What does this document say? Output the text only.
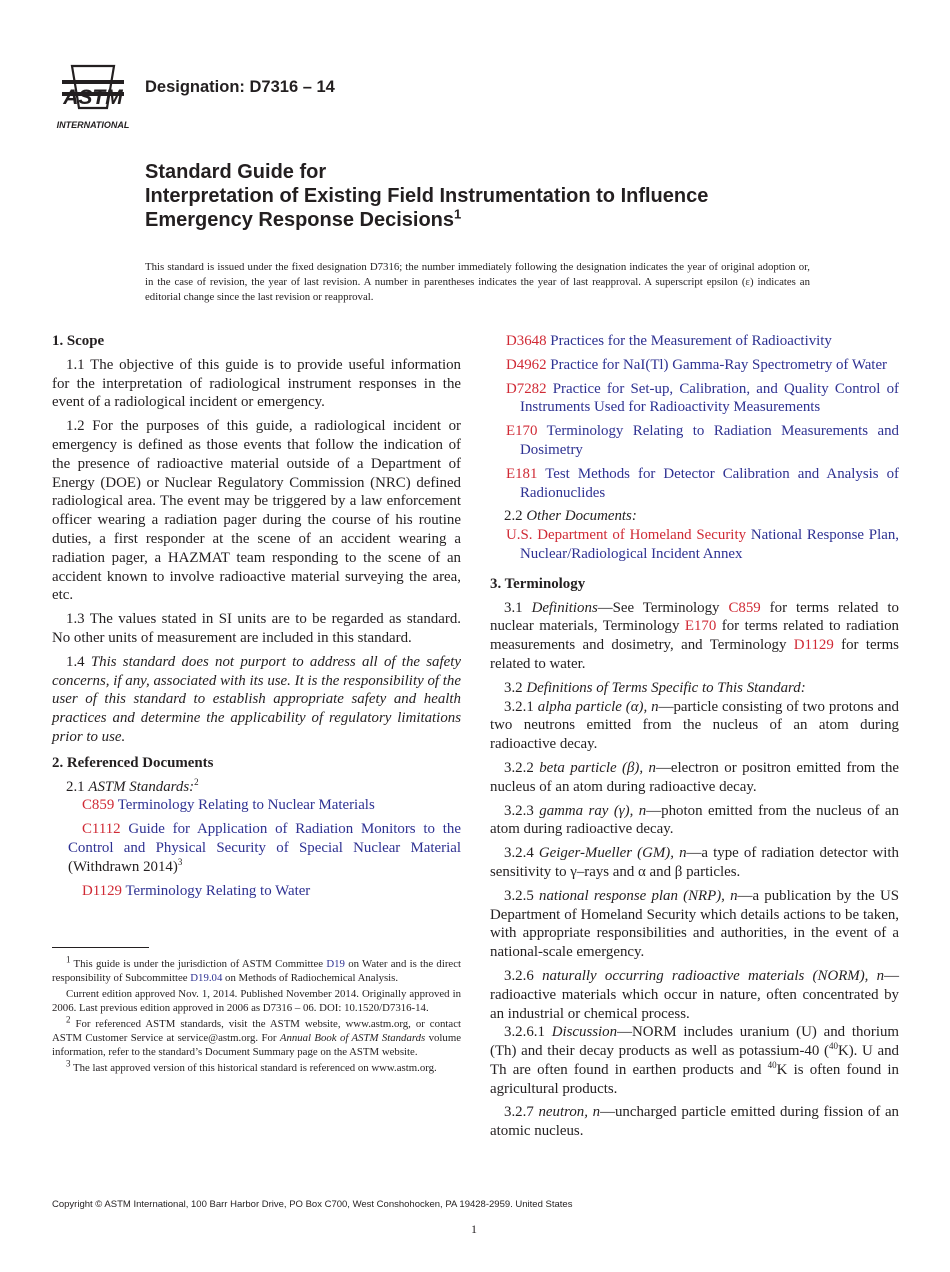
ASTM
INTERNATIONAL
Designation: D7316 – 14
Standard Guide for
Interpretation of Existing Field Instrumentation to Influence
Emergency Response Decisions$^1$
This standard is issued under the fixed designation D7316; the number immediately following the designation indicates the year of original adoption or, in the case of revision, the year of last revision. A number in parentheses indicates the year of last reapproval. A superscript epsilon (ε) indicates an editorial change since the last revision or reapproval.
1. Scope

1.1 The objective of this guide is to provide useful information for the interpretation of radiological instrument responses in the event of a radiological incident or emergency.

1.2 For the purposes of this guide, a radiological incident or emergency is defined as those events that follow the indication of the presence of radioactive material outside of a Department of Energy (DOE) or Nuclear Regulatory Commission (NRC) defined radiological area. The event may be triggered by a law enforcement officer wearing a radiation pager during the course of his routine duties, a first responder at the scene of an accident wearing a radiation pager, a HAZMAT team responding to the scene of an accident known to involve radioactive material surveying the area, etc.

1.3 The values stated in SI units are to be regarded as standard. No other units of measurement are included in this standard.

1.4 This standard does not purport to address all of the safety concerns, if any, associated with its use. It is the responsibility of the user of this standard to establish appropriate safety and health practices and determine the applicability of regulatory limitations prior to use.

2. Referenced Documents

2.1 ASTM Standards:$^2$

C859 Terminology Relating to Nuclear Materials

C1112 Guide for Application of Radiation Monitors to the Control and Physical Security of Special Nuclear Material (Withdrawn 2014)$^3$

D1129 Terminology Relating to Water

$^1$ This guide is under the jurisdiction of ASTM Committee D19 on Water and is the direct responsibility of Subcommittee D19.04 on Methods of Radiochemical Analysis.

Current edition approved Nov. 1, 2014. Published November 2014. Originally approved in 2006. Last previous edition approved in 2006 as D7316 – 06. DOI: 10.1520/D7316-14.

$^2$ For referenced ASTM standards, visit the ASTM website, www.astm.org, or contact ASTM Customer Service at service@astm.org. For Annual Book of ASTM Standards volume information, refer to the standard’s Document Summary page on the ASTM website.

$^3$ The last approved version of this historical standard is referenced on www.astm.org.

D3648 Practices for the Measurement of Radioactivity

D4962 Practice for NaI(Tl) Gamma-Ray Spectrometry of Water

D7282 Practice for Set-up, Calibration, and Quality Control of Instruments Used for Radioactivity Measurements

E170 Terminology Relating to Radiation Measurements and Dosimetry

E181 Test Methods for Detector Calibration and Analysis of Radionuclides

2.2 Other Documents:

U.S. Department of Homeland Security National Response Plan, Nuclear/Radiological Incident Annex

3. Terminology

3.1 Definitions—See Terminology C859 for terms related to nuclear materials, Terminology E170 for terms related to radiation measurements and dosimetry, and Terminology D1129 for terms related to water.

3.2 Definitions of Terms Specific to This Standard:

3.2.1 alpha particle (α), n—particle consisting of two protons and two neutrons emitted from the nucleus of an atom during radioactive decay.

3.2.2 beta particle (β), n—electron or positron emitted from the nucleus of an atom during radioactive decay.

3.2.3 gamma ray (γ), n—photon emitted from the nucleus of an atom during radioactive decay.

3.2.4 Geiger-Mueller (GM), n—a type of radiation detector with sensitivity to γ–rays and α and β particles.

3.2.5 national response plan (NRP), n—a publication by the US Department of Homeland Security which details actions to be taken, with appropriate responsibilities and authorities, in the event of a national-scale emergency.

3.2.6 naturally occurring radioactive materials (NORM), n—radioactive materials which occur in nature, often concentrated by an industrial or chemical process.

3.2.6.1 Discussion—NORM includes uranium (U) and thorium (Th) and their decay products as well as potassium-40 ($^{40}$K). U and Th are often found in earthen products and $^{40}$K is often found in agricultural products.

3.2.7 neutron, n—uncharged particle emitted during fission of an atomic nucleus.

Copyright © ASTM International, 100 Barr Harbor Drive, PO Box C700, West Conshohocken, PA 19428-2959. United States
1
